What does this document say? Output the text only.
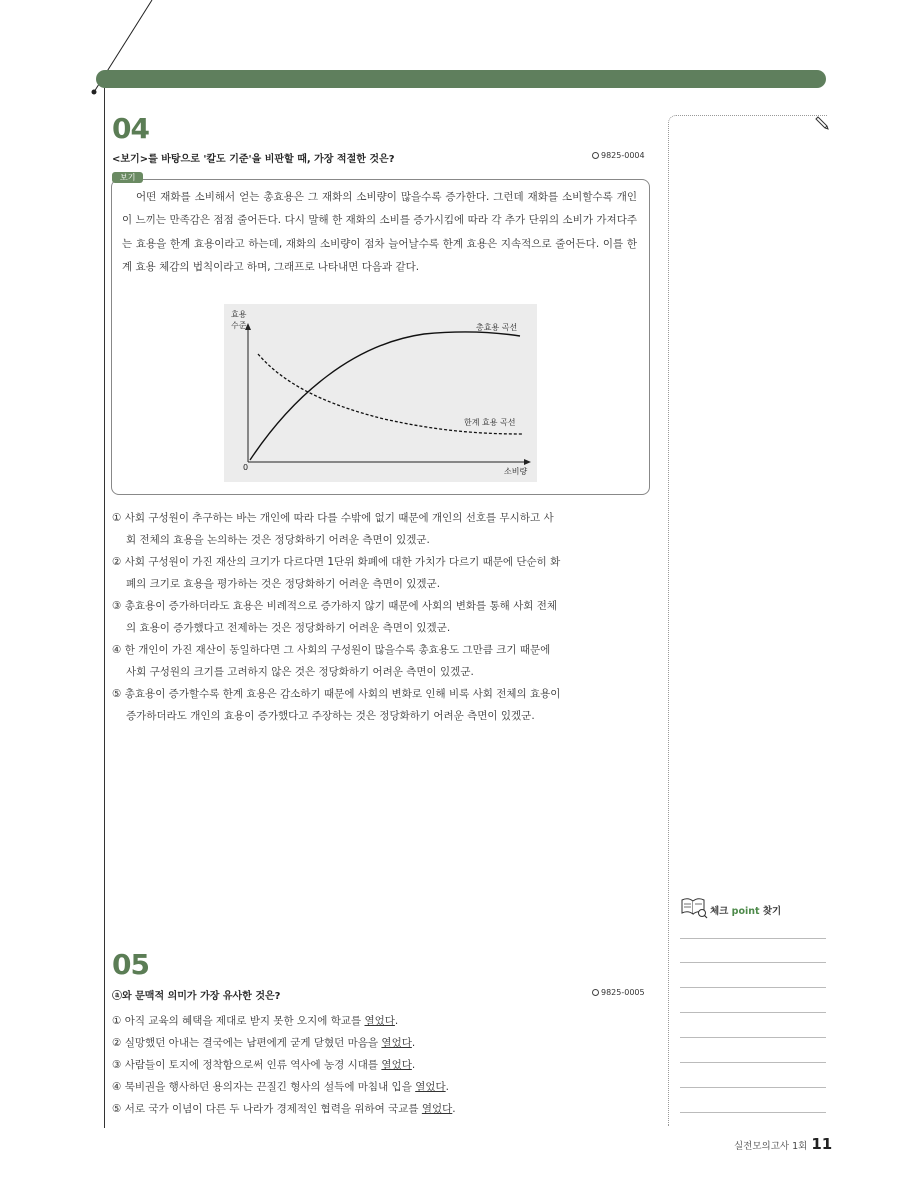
04
<보기>를 바탕으로 '칼도 기준'을 비판할 때, 가장 적절한 것은?	9825-0004
보기
어떤 재화를 소비해서 얻는 총효용은 그 재화의 소비량이 많을수록 증가한다. 그런데 재화를 소비할수록 개인이 느끼는 만족감은 점점 줄어든다. 다시 말해 한 재화의 소비를 증가시킴에 따라 각 추가 단위의 소비가 가져다주는 효용을 한계 효용이라고 하는데, 재화의 소비량이 점차 늘어날수록 한계 효용은 지속적으로 줄어든다. 이를 한계 효용 체감의 법칙이라고 하며, 그래프로 나타내면 다음과 같다.
효용
수준
0	소비량
총효용 곡선
한계 효용 곡선
① 사회 구성원이 추구하는 바는 개인에 따라 다를 수밖에 없기 때문에 개인의 선호를 무시하고 사
회 전체의 효용을 논의하는 것은 정당화하기 어려운 측면이 있겠군.
② 사회 구성원이 가진 재산의 크기가 다르다면 1단위 화폐에 대한 가치가 다르기 때문에 단순히 화
폐의 크기로 효용을 평가하는 것은 정당화하기 어려운 측면이 있겠군.
③ 총효용이 증가하더라도 효용은 비례적으로 증가하지 않기 때문에 사회의 변화를 통해 사회 전체
의 효용이 증가했다고 전제하는 것은 정당화하기 어려운 측면이 있겠군.
④ 한 개인이 가진 재산이 동일하다면 그 사회의 구성원이 많을수록 총효용도 그만큼 크기 때문에
사회 구성원의 크기를 고려하지 않은 것은 정당화하기 어려운 측면이 있겠군.
⑤ 총효용이 증가할수록 한계 효용은 감소하기 때문에 사회의 변화로 인해 비록 사회 전체의 효용이
증가하더라도 개인의 효용이 증가했다고 주장하는 것은 정당화하기 어려운 측면이 있겠군.
05
ⓐ와 문맥적 의미가 가장 유사한 것은?	9825-0005
① 아직 교육의 혜택을 제대로 받지 못한 오지에 학교를 열었다.
② 실망했던 아내는 결국에는 남편에게 굳게 닫혔던 마음을 열었다.
③ 사람들이 토지에 정착함으로써 인류 역사에 농경 시대를 열었다.
④ 묵비권을 행사하던 용의자는 끈질긴 형사의 설득에 마침내 입을 열었다.
⑤ 서로 국가 이념이 다른 두 나라가 경제적인 협력을 위하여 국교를 열었다.
체크 point 찾기
실전모의고사 1회 11
